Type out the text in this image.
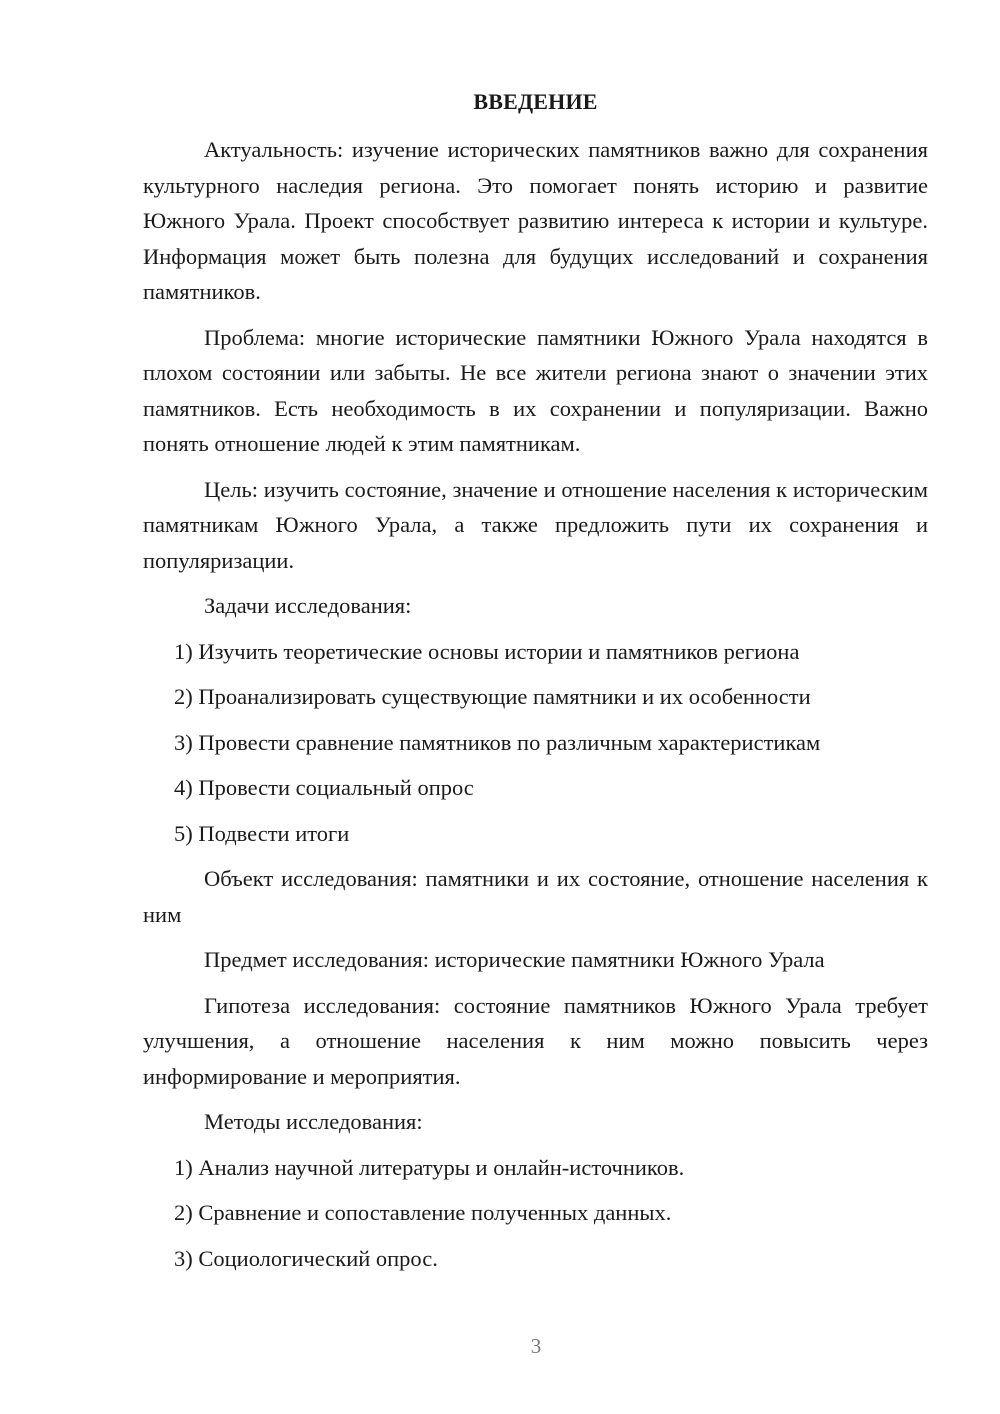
ВВЕДЕНИЕ

Актуальность: изучение исторических памятников важно для сохранения культурного наследия региона. Это помогает понять историю и развитие Южного Урала. Проект способствует развитию интереса к истории и культуре. Информация может быть полезна для будущих исследований и сохранения памятников.

Проблема: многие исторические памятники Южного Урала находятся в плохом состоянии или забыты. Не все жители региона знают о значении этих памятников. Есть необходимость в их сохранении и популяризации. Важно понять отношение людей к этим памятникам.

Цель: изучить состояние, значение и отношение населения к историческим памятникам Южного Урала, а также предложить пути их сохранения и популяризации.

Задачи исследования:

1) Изучить теоретические основы истории и памятников региона

2) Проанализировать существующие памятники и их особенности

3) Провести сравнение памятников по различным характеристикам

4) Провести социальный опрос

5) Подвести итоги

Объект исследования: памятники и их состояние, отношение населения к ним

Предмет исследования: исторические памятники Южного Урала

Гипотеза исследования: состояние памятников Южного Урала требует улучшения, а отношение населения к ним можно повысить через информирование и мероприятия.

Методы исследования:

1) Анализ научной литературы и онлайн-источников.

2) Сравнение и сопоставление полученных данных.

3) Социологический опрос.

3
